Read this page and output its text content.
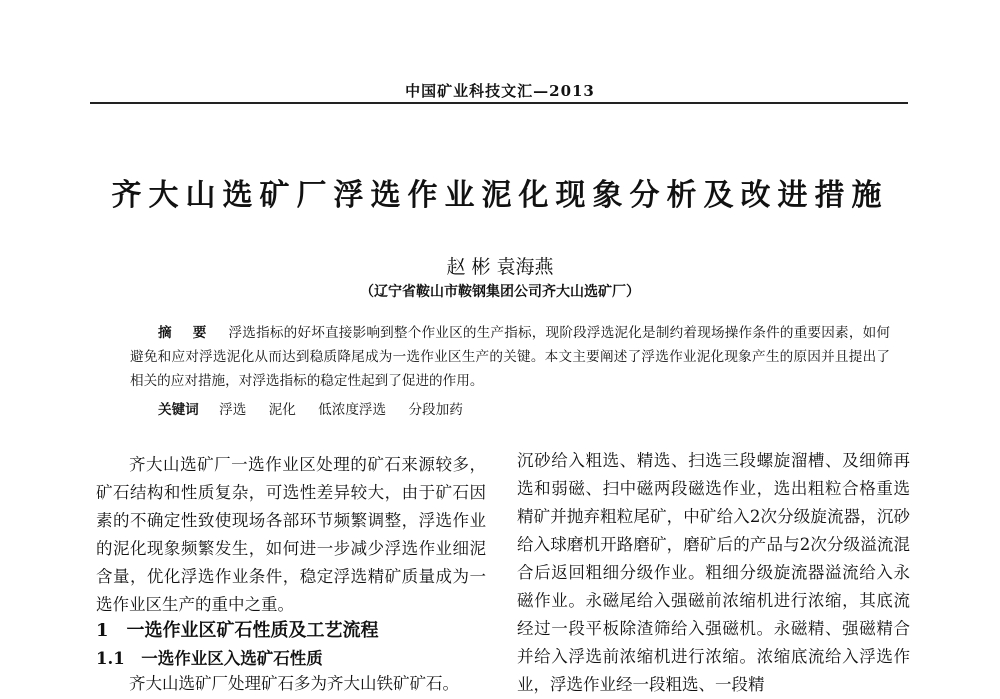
中国矿业科技文汇—2013
齐大山选矿厂浮选作业泥化现象分析及改进措施
赵 彬 袁海燕
（辽宁省鞍山市鞍钢集团公司齐大山选矿厂）
摘 要 浮选指标的好坏直接影响到整个作业区的生产指标，现阶段浮选泥化是制约着现场操作条件的重要因素，如何避免和应对浮选泥化从而达到稳质降尾成为一选作业区生产的关键。本文主要阐述了浮选作业泥化现象产生的原因并且提出了相关的应对措施，对浮选指标的稳定性起到了促进的作用。
关键词 浮选 泥化 低浓度浮选 分段加药
齐大山选矿厂一选作业区处理的矿石来源较多，矿石结构和性质复杂，可选性差异较大，由于矿石因素的不确定性致使现场各部环节频繁调整，浮选作业的泥化现象频繁发生，如何进一步减少浮选作业细泥含量，优化浮选作业条件，稳定浮选精矿质量成为一选作业区生产的重中之重。
1　一选作业区矿石性质及工艺流程
1.1　一选作业区入选矿石性质
齐大山选矿厂处理矿石多为齐大山铁矿矿石。
沉砂给入粗选、精选、扫选三段螺旋溜槽、及细筛再选和弱磁、扫中磁两段磁选作业，选出粗粒合格重选精矿并抛弃粗粒尾矿，中矿给入2次分级旋流器，沉砂给入球磨机开路磨矿，磨矿后的产品与2次分级溢流混合后返回粗细分级作业。粗细分级旋流器溢流给入永磁作业。永磁尾给入强磁前浓缩机进行浓缩，其底流经过一段平板除渣筛给入强磁机。永磁精、强磁精合并给入浮选前浓缩机进行浓缩。浓缩底流给入浮选作业，浮选作业经一段粗选、一段精
